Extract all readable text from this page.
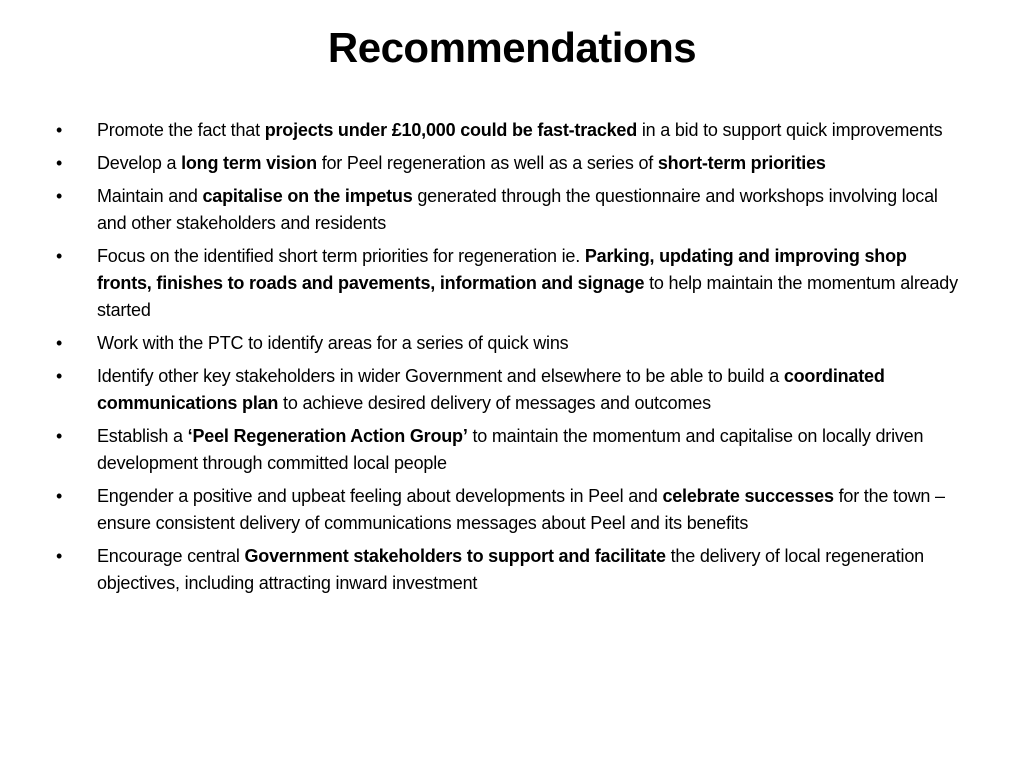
Recommendations
• Promote the fact that projects under £10,000 could be fast-tracked in a bid to support quick improvements
• Develop a long term vision for Peel regeneration as well as a series of short-term priorities
• Maintain and capitalise on the impetus generated through the questionnaire and workshops involving local and other stakeholders and residents
• Focus on the identified short term priorities for regeneration ie. Parking, updating and improving shop fronts, finishes to roads and pavements, information and signage to help maintain the momentum already started
• Work with the PTC to identify areas for a series of quick wins
• Identify other key stakeholders in wider Government and elsewhere to be able to build a coordinated communications plan to achieve desired delivery of messages and outcomes
• Establish a ‘Peel Regeneration Action Group’ to maintain the momentum and capitalise on locally driven development through committed local people
• Engender a positive and upbeat feeling about developments in Peel and celebrate successes for the town – ensure consistent delivery of communications messages about Peel and its benefits
• Encourage central Government stakeholders to support and facilitate the delivery of local regeneration objectives, including attracting inward investment
